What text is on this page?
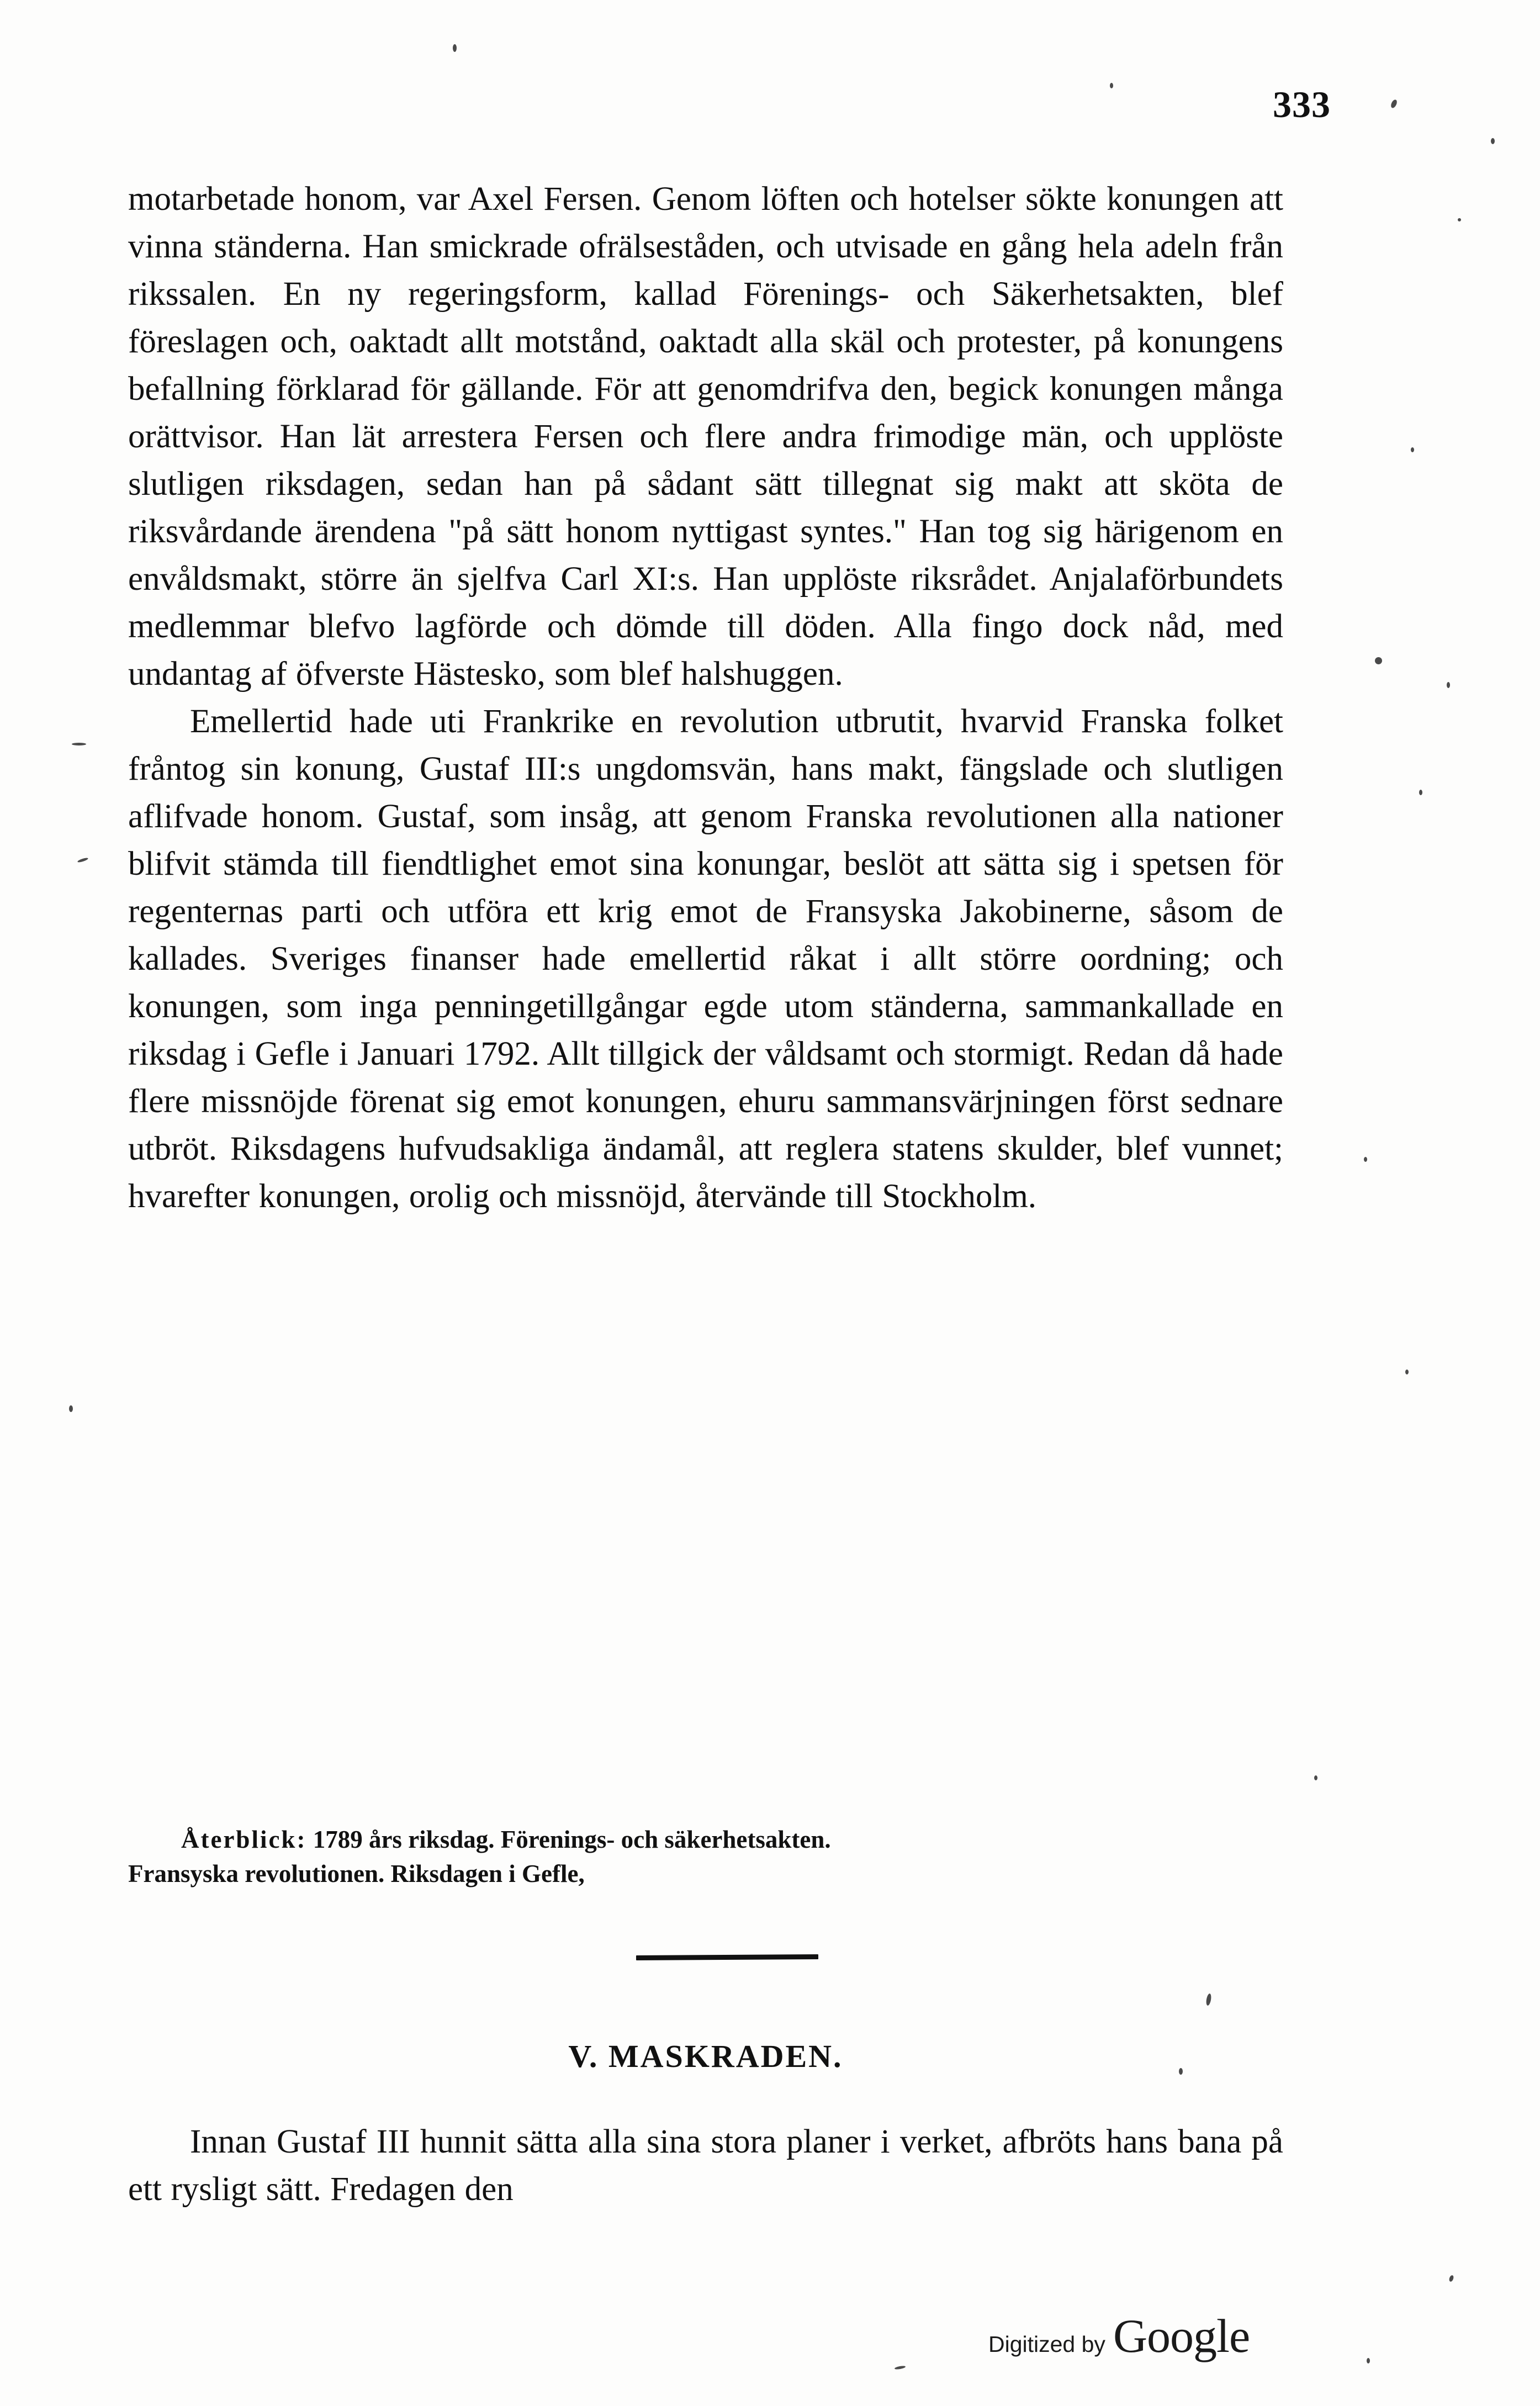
333

motarbetade honom, var Axel Fersen. Genom löften och hotelser sökte konungen att vinna ständerna. Han smickrade ofrälseståden, och utvisade en gång hela adeln från rikssalen. En ny regeringsform, kallad Förenings- och Säkerhetsakten, blef föreslagen och, oaktadt allt motstånd, oaktadt alla skäl och protester, på konungens befallning förklarad för gällande. För att genomdrifva den, begick konungen många orättvisor. Han lät arrestera Fersen och flere andra frimodige män, och upplöste slutligen riksdagen, sedan han på sådant sätt tillegnat sig makt att sköta de riksvårdande ärendena "på sätt honom nyttigast syntes." Han tog sig härigenom en envåldsmakt, större än sjelfva Carl XI:s. Han upplöste riksrådet. Anjalaförbundets medlemmar blefvo lagförde och dömde till döden. Alla fingo dock nåd, med undantag af öfverste Hästesko, som blef halshuggen.

Emellertid hade uti Frankrike en revolution utbrutit, hvarvid Franska folket fråntog sin konung, Gustaf III:s ungdomsvän, hans makt, fängslade och slutligen aflifvade honom. Gustaf, som insåg, att genom Franska revolutionen alla nationer blifvit stämda till fiendtlighet emot sina konungar, beslöt att sätta sig i spetsen för regenternas parti och utföra ett krig emot de Fransyska Jakobinerne, såsom de kallades. Sveriges finanser hade emellertid råkat i allt större oordning; och konungen, som inga penningetillgångar egde utom ständerna, sammankallade en riksdag i Gefle i Januari 1792. Allt tillgick der våldsamt och stormigt. Redan då hade flere missnöjde förenat sig emot konungen, ehuru sammansvärjningen först sednare utbröt. Riksdagens hufvudsakliga ändamål, att reglera statens skulder, blef vunnet; hvarefter konungen, orolig och missnöjd, återvände till Stockholm.

Återblick: 1789 års riksdag. Förenings- och säkerhetsakten.
Fransyska revolutionen. Riksdagen i Gefle,
V. MASKRADEN.

Innan Gustaf III hunnit sätta alla sina stora planer i verket, afbröts hans bana på ett rysligt sätt. Fredagen den

Digitized by Google
